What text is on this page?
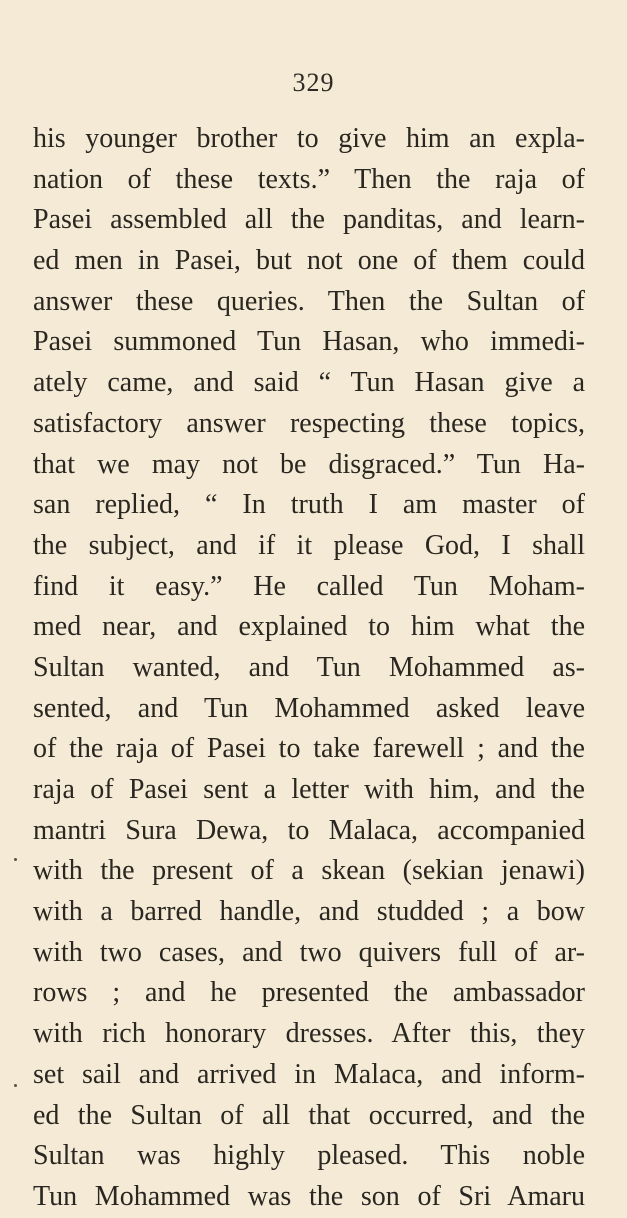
329
his younger brother to give him an expla-
nation of these texts.” Then the raja of
Pasei assembled all the panditas, and learn-
ed men in Pasei, but not one of them could
answer these queries. Then the Sultan of
Pasei summoned Tun Hasan, who immedi-
ately came, and said “ Tun Hasan give a
satisfactory answer respecting these topics,
that we may not be disgraced.” Tun Ha-
san replied, “ In truth I am master of
the subject, and if it please God, I shall
find it easy.” He called Tun Moham-
med near, and explained to him what the
Sultan wanted, and Tun Mohammed as-
sented, and Tun Mohammed asked leave
of the raja of Pasei to take farewell ; and the
raja of Pasei sent a letter with him, and the
mantri Sura Dewa, to Malaca, accompanied
with the present of a skean (sekian jenawi)
with a barred handle, and studded ; a bow
with two cases, and two quivers full of ar-
rows ; and he presented the ambassador
with rich honorary dresses. After this, they
set sail and arrived in Malaca, and inform-
ed the Sultan of all that occurred, and the
Sultan was highly pleased. This noble
Tun Mohammed was the son of Sri Amaru
